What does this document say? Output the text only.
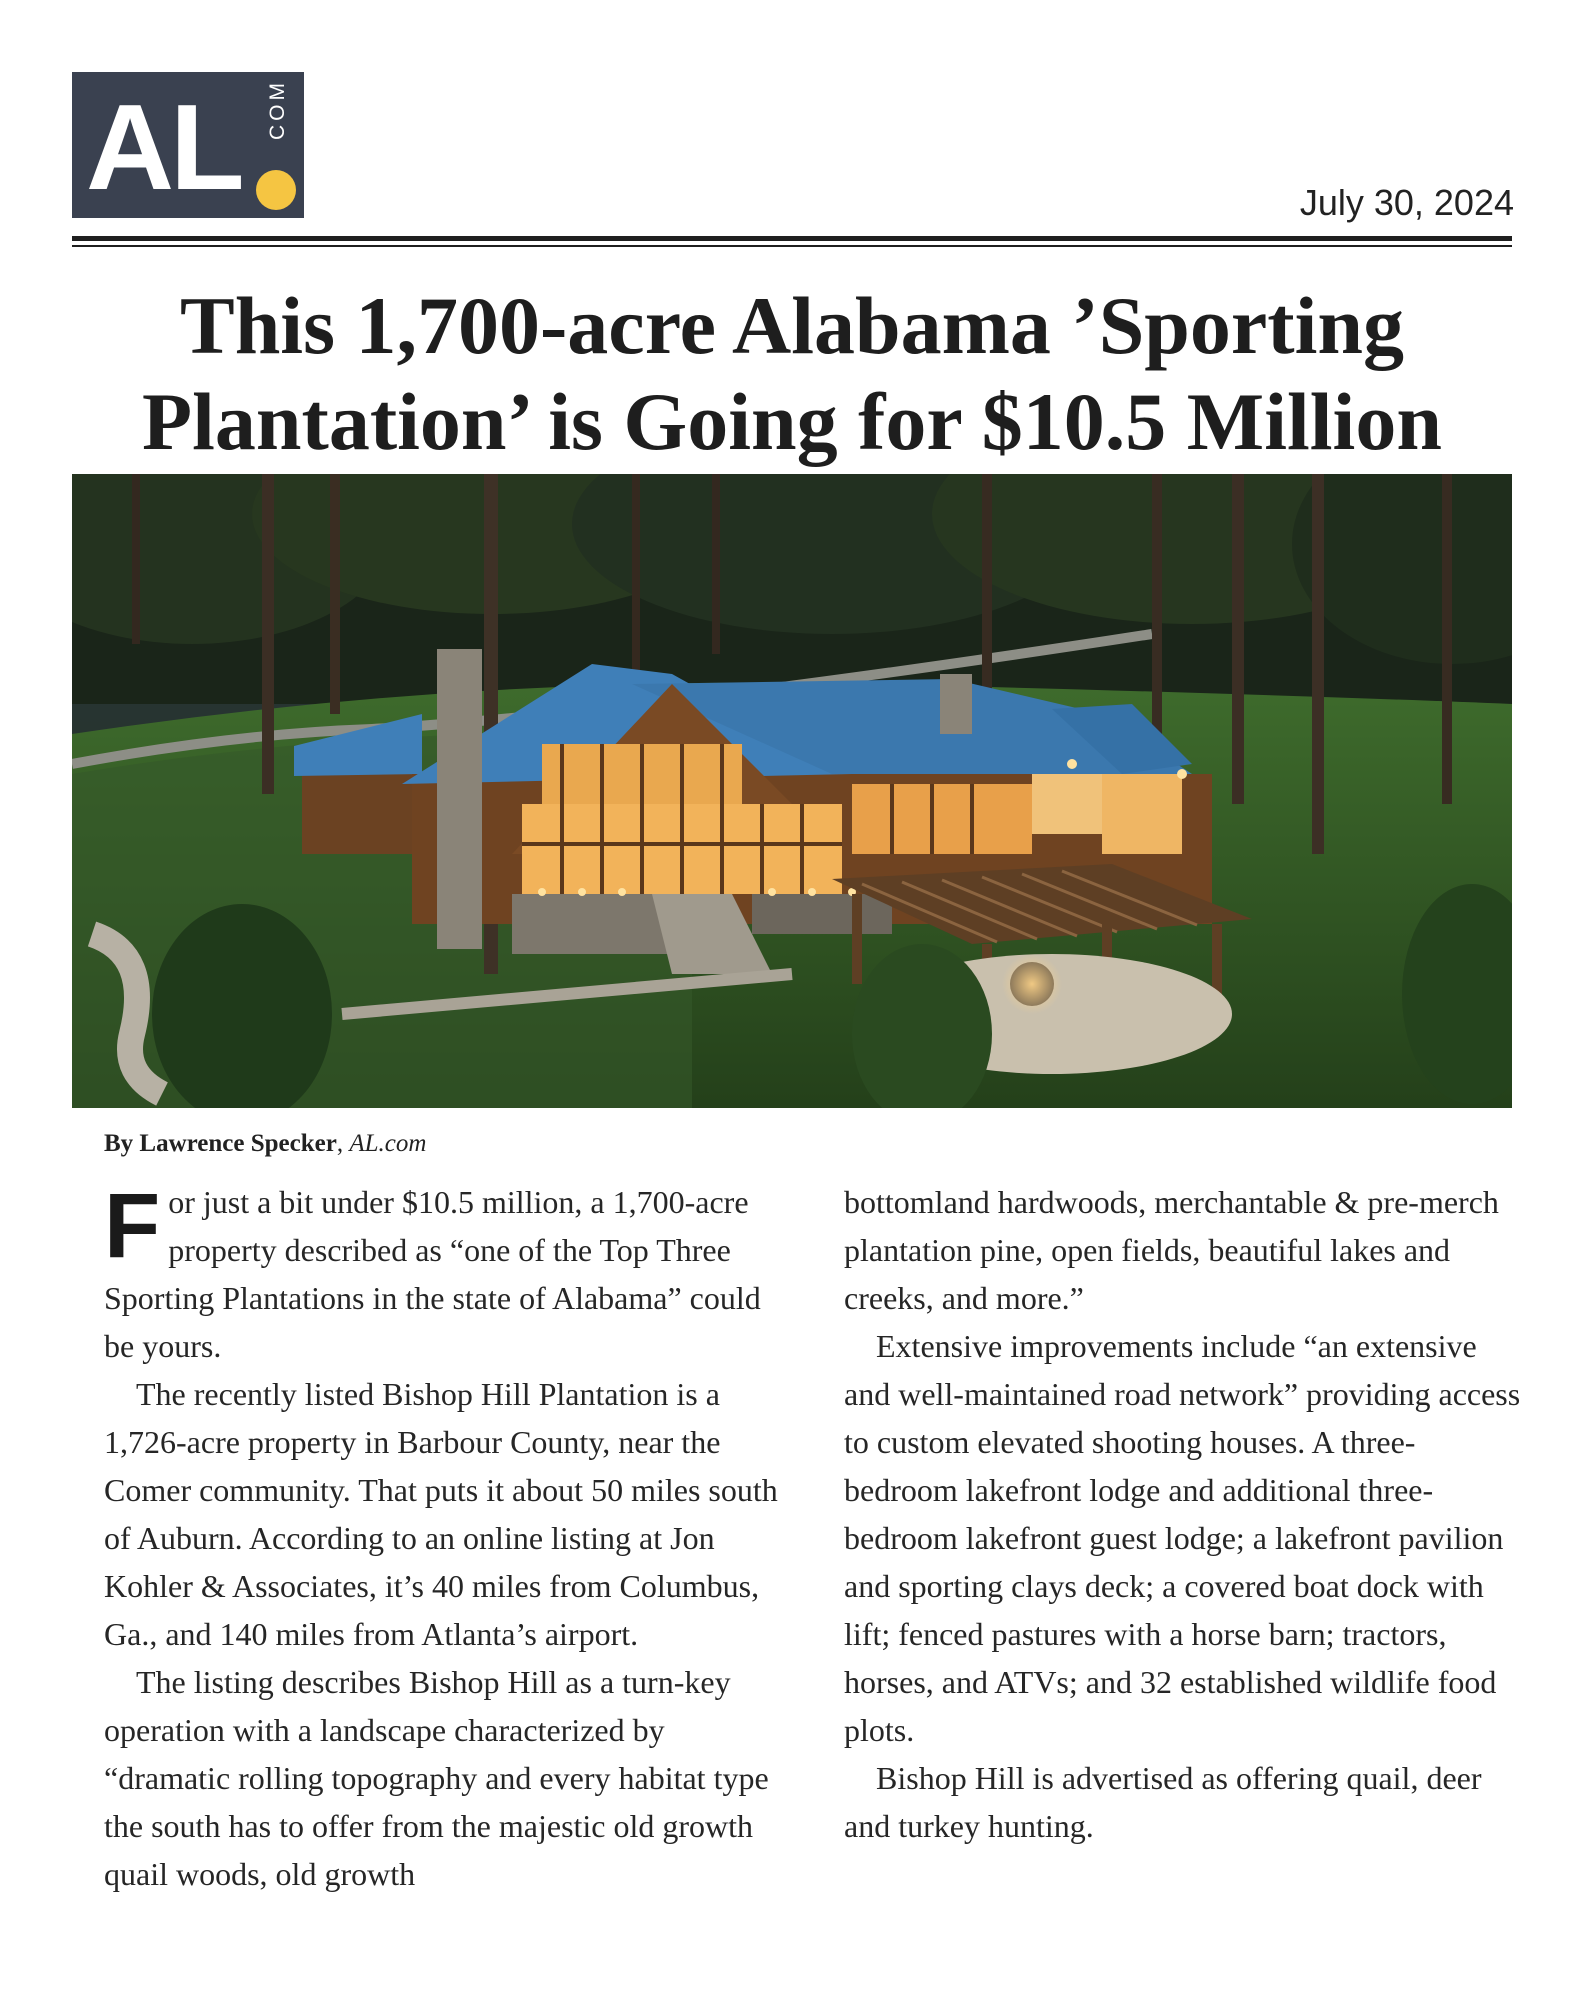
AL COM
July 30, 2024
This 1,700-acre Alabama ’Sporting
Plantation’ is Going for $10.5 Million
By Lawrence Specker, AL.com

For just a bit under $10.5 million, a 1,700-acre property described as “one of the Top Three Sporting Plantations in the state of Alabama” could be yours.

The recently listed Bishop Hill Plantation is a 1,726-acre property in Barbour County, near the Comer community. That puts it about 50 miles south of Auburn. According to an online listing at Jon Kohler & Associates, it’s 40 miles from Columbus, Ga., and 140 miles from Atlanta’s airport.

The listing describes Bishop Hill as a turn-key operation with a landscape characterized by “dramatic rolling topography and every habitat type the south has to offer from the majestic old growth quail woods, old growth

bottomland hardwoods, merchantable & pre-merch plantation pine, open fields, beautiful lakes and creeks, and more.”

Extensive improvements include “an extensive and well-maintained road network” providing access to custom elevated shooting houses. A three-bedroom lakefront lodge and additional three-bedroom lakefront guest lodge; a lakefront pavilion and sporting clays deck; a covered boat dock with lift; fenced pastures with a horse barn; tractors, horses, and ATVs; and 32 established wildlife food plots.

Bishop Hill is advertised as offering quail, deer and turkey hunting.
